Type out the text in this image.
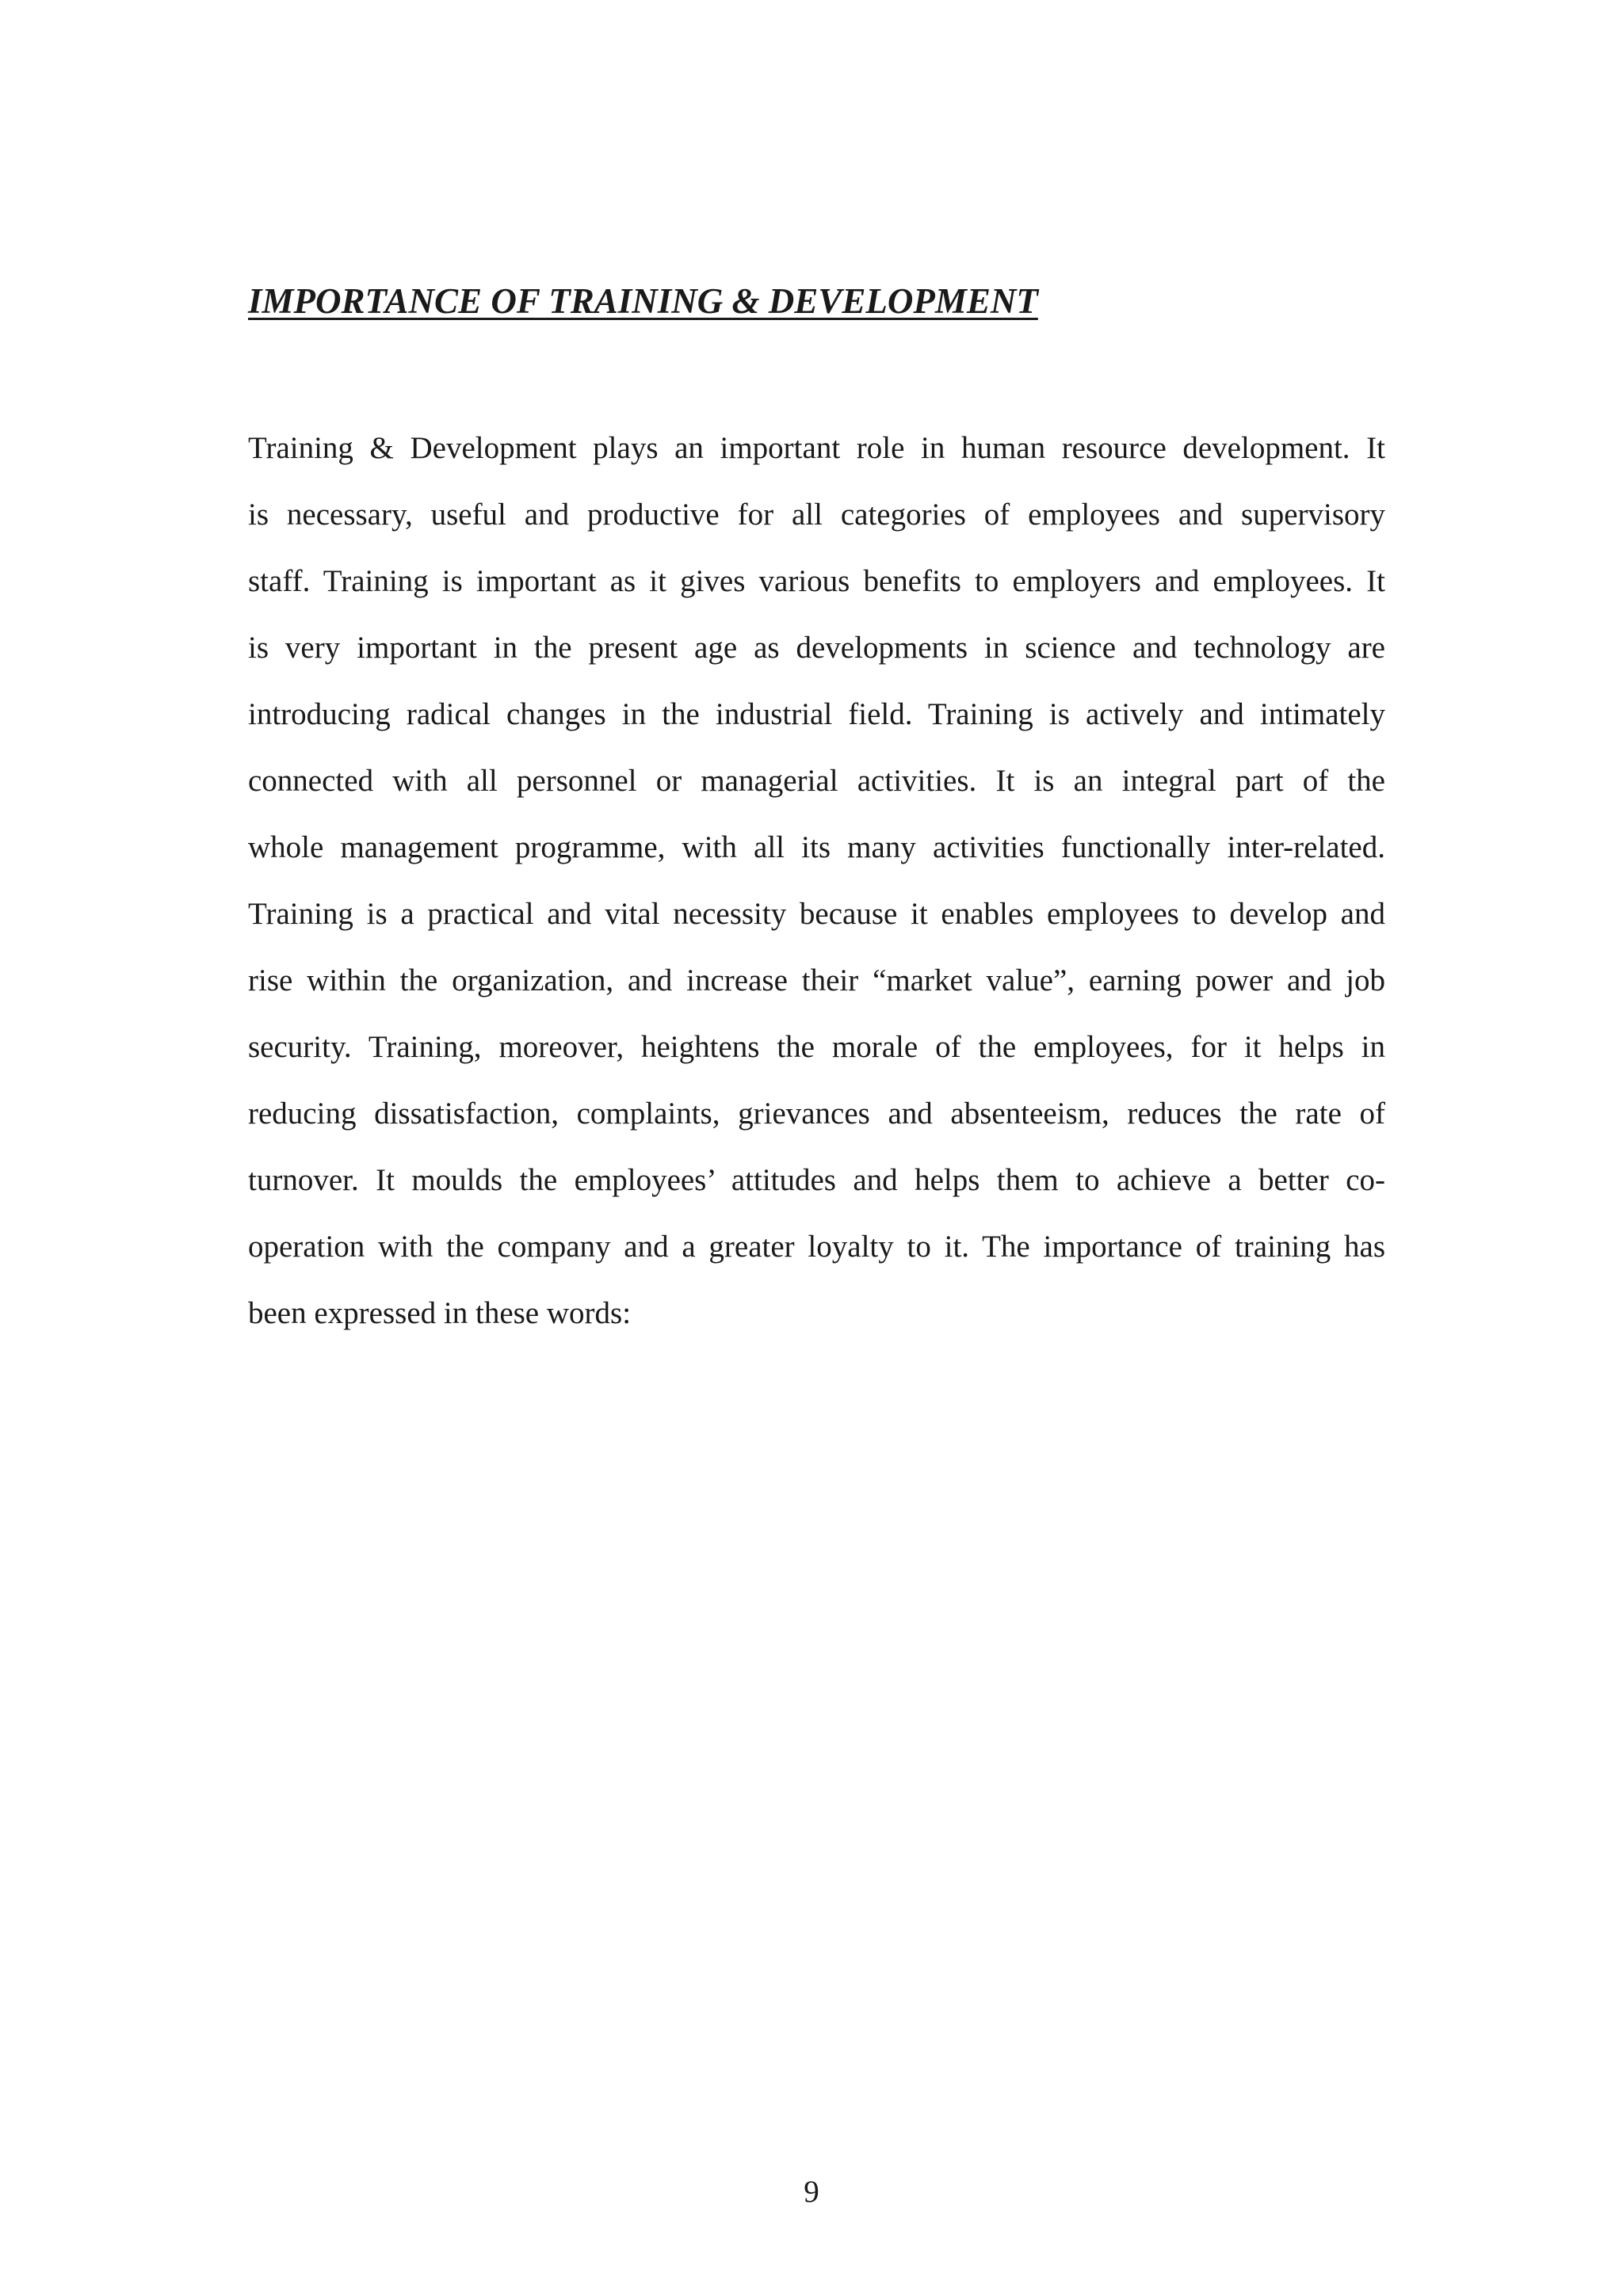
IMPORTANCE OF TRAINING & DEVELOPMENT
Training & Development plays an important role in human resource development. It
is necessary, useful and productive for all categories of employees and supervisory
staff. Training is important as it gives various benefits to employers and employees. It
is very important in the present age as developments in science and technology are
introducing radical changes in the industrial field. Training is actively and intimately
connected with all personnel or managerial activities. It is an integral part of the
whole management programme, with all its many activities functionally inter-related.
Training is a practical and vital necessity because it enables employees to develop and
rise within the organization, and increase their “market value”, earning power and job
security. Training, moreover, heightens the morale of the employees, for it helps in
reducing dissatisfaction, complaints, grievances and absenteeism, reduces the rate of
turnover. It moulds the employees’ attitudes and helps them to achieve a better co-
operation with the company and a greater loyalty to it. The importance of training has
been expressed in these words:
9
